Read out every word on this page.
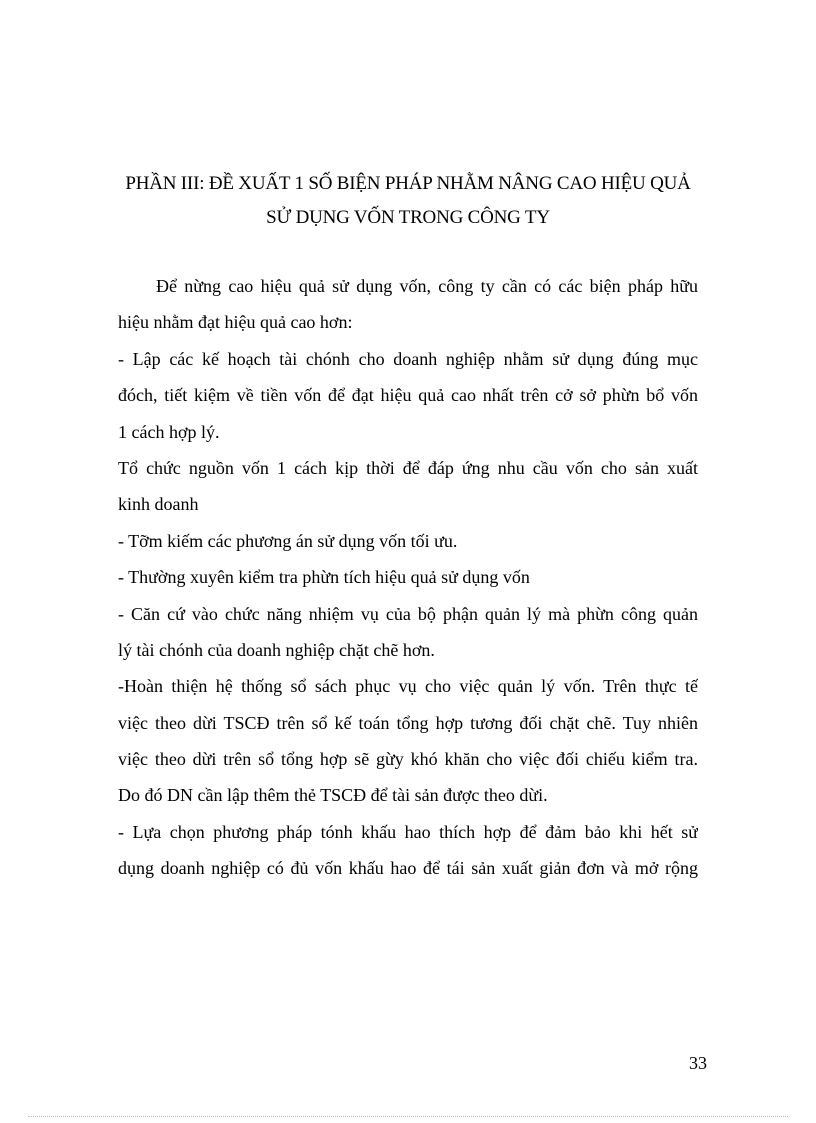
PHẦN III: ĐỀ XUẤT 1 SỐ BIỆN PHÁP NHẰM NÂNG CAO HIỆU QUẢ
SỬ DỤNG VỐN TRONG CÔNG TY
Để nừng cao hiệu quả sử dụng vốn, công ty cần có các biện pháp hữu
hiệu nhằm đạt hiệu quả cao hơn:
- Lập các kế hoạch tài chónh cho doanh nghiệp nhằm sử dụng đúng mục
đóch, tiết kiệm về tiền vốn để đạt hiệu quả cao nhất trên cở sở phừn bổ vốn
1 cách hợp lý.
Tổ chức nguồn vốn 1 cách kịp thời để đáp ứng nhu cầu vốn cho sản xuất
kinh doanh
- Tỡm kiếm các phương án sử dụng vốn tối ưu.
- Thường xuyên kiểm tra phừn tích hiệu quả sử dụng vốn
- Căn cứ vào chức năng nhiệm vụ của bộ phận quản lý mà phừn công quản
lý tài chónh của doanh nghiệp chặt chẽ hơn.
-Hoàn thiện hệ thống sổ sách phục vụ cho việc quản lý vốn. Trên thực tế
việc theo dừi TSCĐ trên sổ kế toán tổng hợp tương đối chặt chẽ. Tuy nhiên
việc theo dừi trên sổ tổng hợp sẽ gừy khó khăn cho việc đối chiếu kiểm tra.
Do đó DN cần lập thêm thẻ TSCĐ để tài sản được theo dừi.
- Lựa chọn phương pháp tónh khấu hao thích hợp để đảm bảo khi hết sử
dụng doanh nghiệp có đủ vốn khấu hao để tái sản xuất giản đơn và mở rộng
33
